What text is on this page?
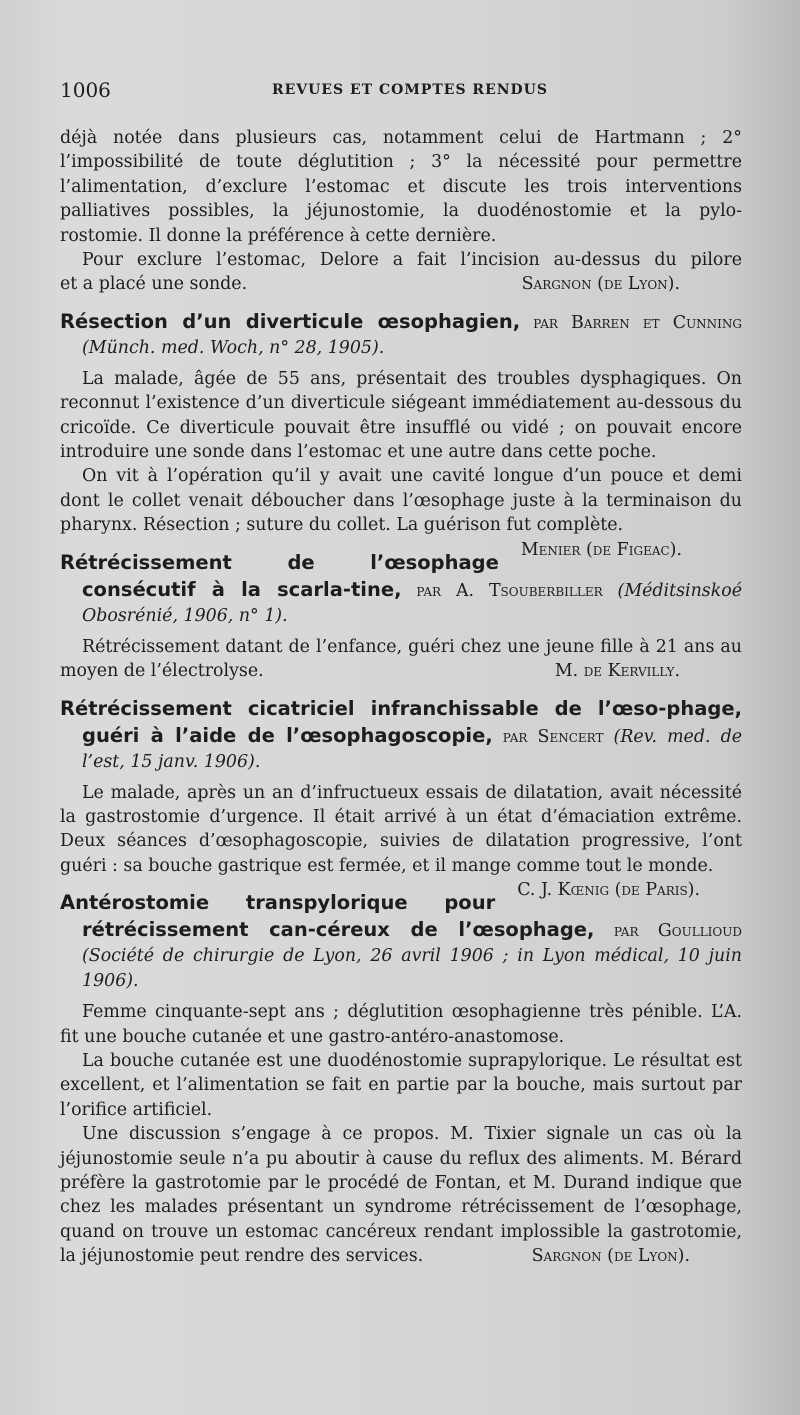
1006	REVUES ET COMPTES RENDUS
déjà notée dans plusieurs cas, notamment celui de Hartmann ; 2°
l’impossibilité de toute déglutition ; 3° la nécessité pour permettre
l’alimentation, d’exclure l’estomac et discute les trois interventions
palliatives possibles, la jéjunostomie, la duodénostomie et la pylo-
rostomie. Il donne la préférence à cette dernière.
Pour exclure l’estomac, Delore a fait l’incision au-dessus du pilore
et a placé une sonde.	Sargnon (de Lyon).

Résection d’un diverticule œsophagien, par Barren et Cunning (Münch. med. Woch, n° 28, 1905).

La malade, âgée de 55 ans, présentait des troubles dysphagiques. On reconnut l’existence d’un diverticule siégeant immédiatement au-dessous du cricoïde. Ce diverticule pouvait être insufflé ou vidé ; on pouvait encore introduire une sonde dans l’estomac et une autre dans cette poche.

On vit à l’opération qu’il y avait une cavité longue d’un pouce et demi dont le collet venait déboucher dans l’œsophage juste à la terminaison du pharynx. Résection ; suture du collet. La guérison fut complète.
Menier (de Figeac).

Rétrécissement de l’œsophage consécutif à la scarla-tine, par A. Tsouberbiller (Méditsinskoé Obosrénié, 1906, n° 1).

Rétrécissement datant de l’enfance, guéri chez une jeune fille à 21 ans au moyen de l’électrolyse.	M. de Kervilly.

Rétrécissement cicatriciel infranchissable de l’œso-phage, guéri à l’aide de l’œsophagoscopie, par Sencert (Rev. med. de l’est, 15 janv. 1906).

Le malade, après un an d’infructueux essais de dilatation, avait nécessité la gastrostomie d’urgence. Il était arrivé à un état d’émaciation extrême. Deux séances d’œsophagoscopie, suivies de dilatation progressive, l’ont guéri : sa bouche gastrique est fermée, et il mange comme tout le monde.
C. J. Kœnig (de Paris).

Antérostomie transpylorique pour rétrécissement can-céreux de l’œsophage, par Goullioud (Société de chirurgie de Lyon, 26 avril 1906 ; in Lyon médical, 10 juin 1906).

Femme cinquante-sept ans ; déglutition œsophagienne très pénible. L’A. fit une bouche cutanée et une gastro-antéro-anastomose.

La bouche cutanée est une duodénostomie suprapylorique. Le résultat est excellent, et l’alimentation se fait en partie par la bouche, mais surtout par l’orifice artificiel.

Une discussion s’engage à ce propos. M. Tixier signale un cas où la jéjunostomie seule n’a pu aboutir à cause du reflux des aliments. M. Bérard préfère la gastrotomie par le procédé de Fontan, et M. Durand indique que chez les malades présentant un syndrome rétrécissement de l’œsophage, quand on trouve un estomac cancéreux rendant implossible la gastrotomie, la jéjunostomie peut rendre des services.	Sargnon (de Lyon).
